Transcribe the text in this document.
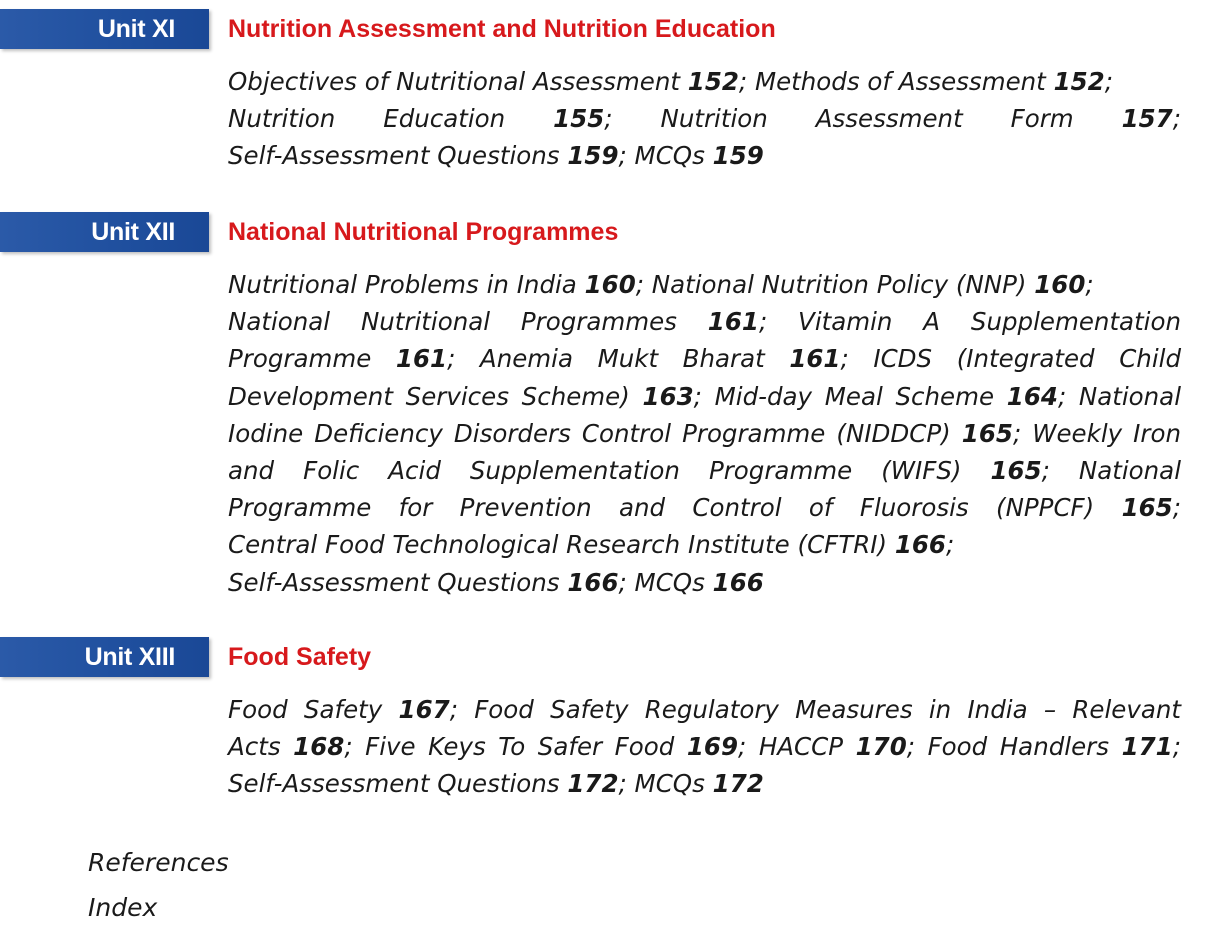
Unit XI Nutrition Assessment and Nutrition Education
Objectives of Nutritional Assessment 152; Methods of Assessment 152;
Nutrition Education 155; Nutrition Assessment Form 157;
Self-Assessment Questions 159; MCQs 159
Unit XII National Nutritional Programmes
Nutritional Problems in India 160; National Nutrition Policy (NNP) 160;
National Nutritional Programmes 161; Vitamin A Supplementation
Programme 161; Anemia Mukt Bharat 161; ICDS (Integrated Child
Development Services Scheme) 163; Mid-day Meal Scheme 164; National
Iodine Deficiency Disorders Control Programme (NIDDCP) 165; Weekly Iron
and Folic Acid Supplementation Programme (WIFS) 165; National
Programme for Prevention and Control of Fluorosis (NPPCF) 165;
Central Food Technological Research Institute (CFTRI) 166;
Self-Assessment Questions 166; MCQs 166
Unit XIII Food Safety
Food Safety 167; Food Safety Regulatory Measures in India – Relevant
Acts 168; Five Keys To Safer Food 169; HACCP 170; Food Handlers 171;
Self-Assessment Questions 172; MCQs 172
References
Index
